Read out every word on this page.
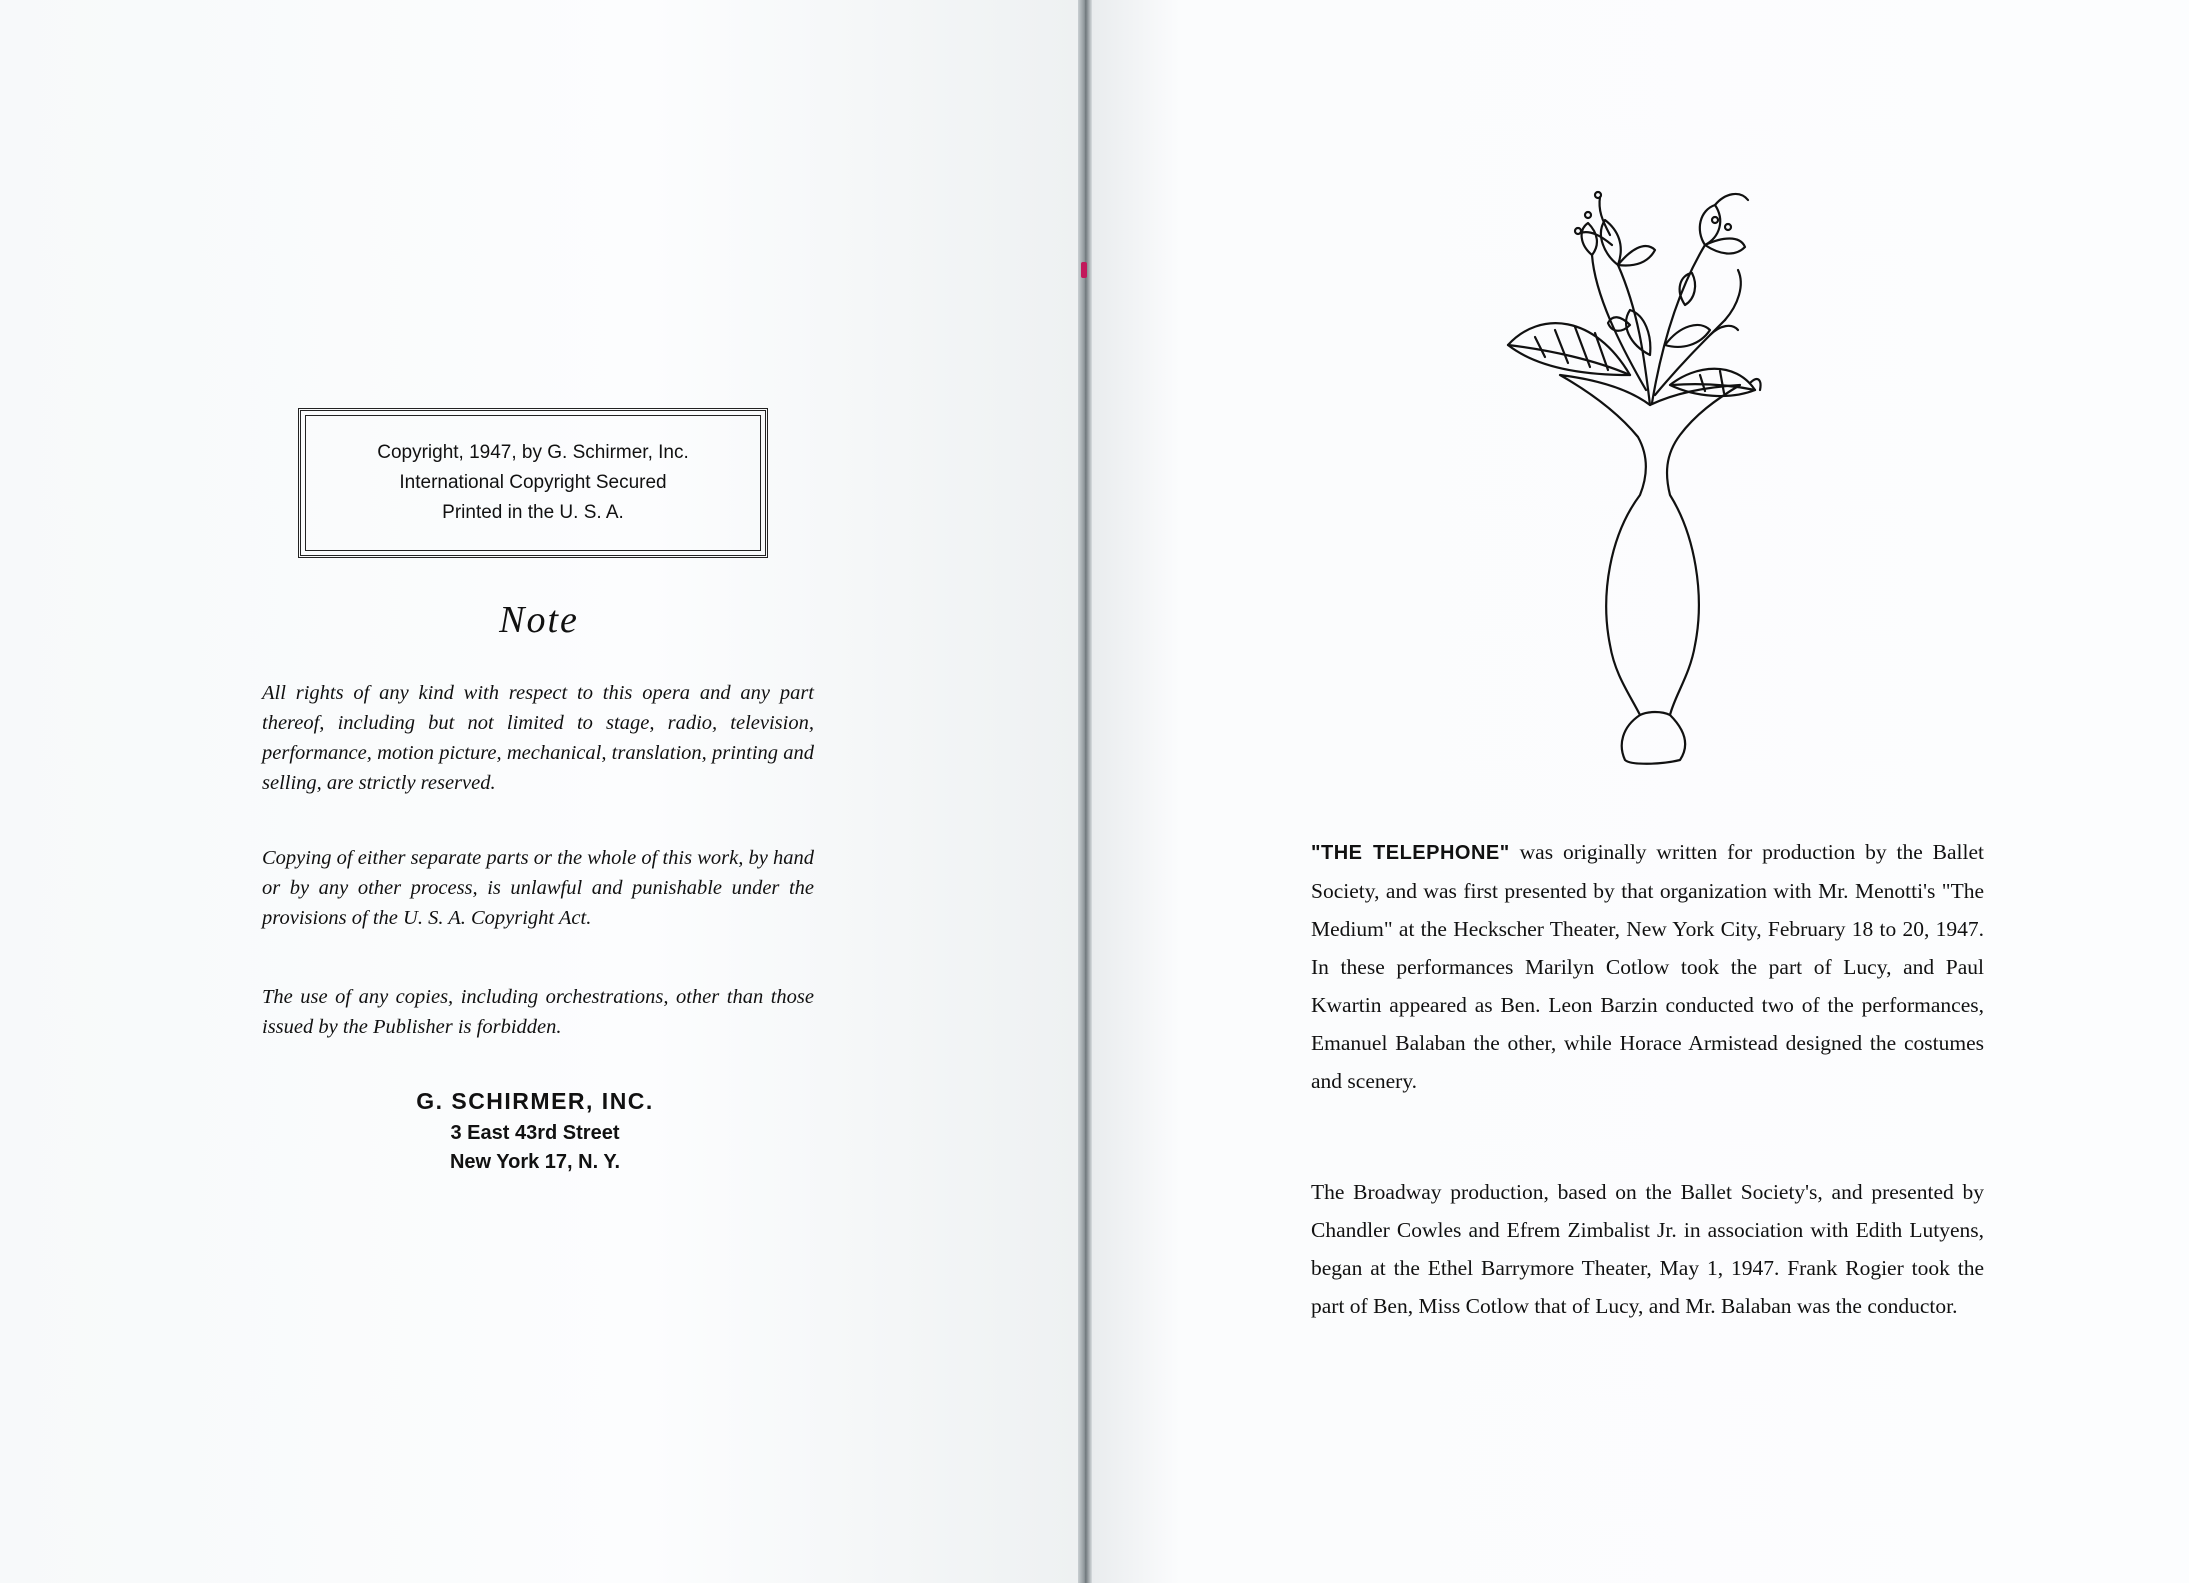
Copyright, 1947, by G. Schirmer, Inc.
International Copyright Secured
Printed in the U. S. A.
Note

All rights of any kind with respect to this opera and any part thereof, including but not limited to stage, radio, television, performance, motion picture, mechanical, translation, printing and selling, are strictly reserved.

Copying of either separate parts or the whole of this work, by hand or by any other process, is unlawful and punishable under the provisions of the U. S. A. Copyright Act.

The use of any copies, including orchestrations, other than those issued by the Publisher is forbidden.

G. SCHIRMER, INC.
3 East 43rd Street
New York 17, N. Y.

"THE TELEPHONE" was originally written for production by the Ballet Society, and was first presented by that organization with Mr. Menotti's "The Medium" at the Heckscher Theater, New York City, February 18 to 20, 1947. In these performances Marilyn Cotlow took the part of Lucy, and Paul Kwartin appeared as Ben. Leon Barzin conducted two of the performances, Emanuel Balaban the other, while Horace Armistead designed the costumes and scenery.

The Broadway production, based on the Ballet Society's, and presented by Chandler Cowles and Efrem Zimbalist Jr. in association with Edith Lutyens, began at the Ethel Barrymore Theater, May 1, 1947. Frank Rogier took the part of Ben, Miss Cotlow that of Lucy, and Mr. Balaban was the conductor.
